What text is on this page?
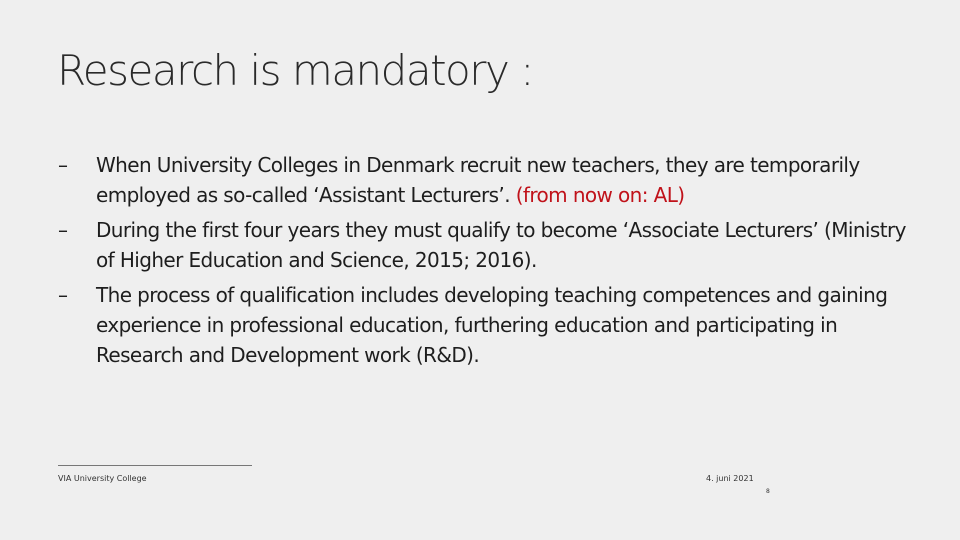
Research is mandatory :
–	When University Colleges in Denmark recruit new teachers, they are temporarily employed as so-called ‘Assistant Lecturers’. (from now on: AL)
–	During the first four years they must qualify to become ‘Associate Lecturers’ (Ministry of Higher Education and Science, 2015; 2016).
–	The process of qualification includes developing teaching competences and gaining experience in professional education, furthering education and participating in Research and Development work (R&D).
VIA University College	4. juni 2021
8
